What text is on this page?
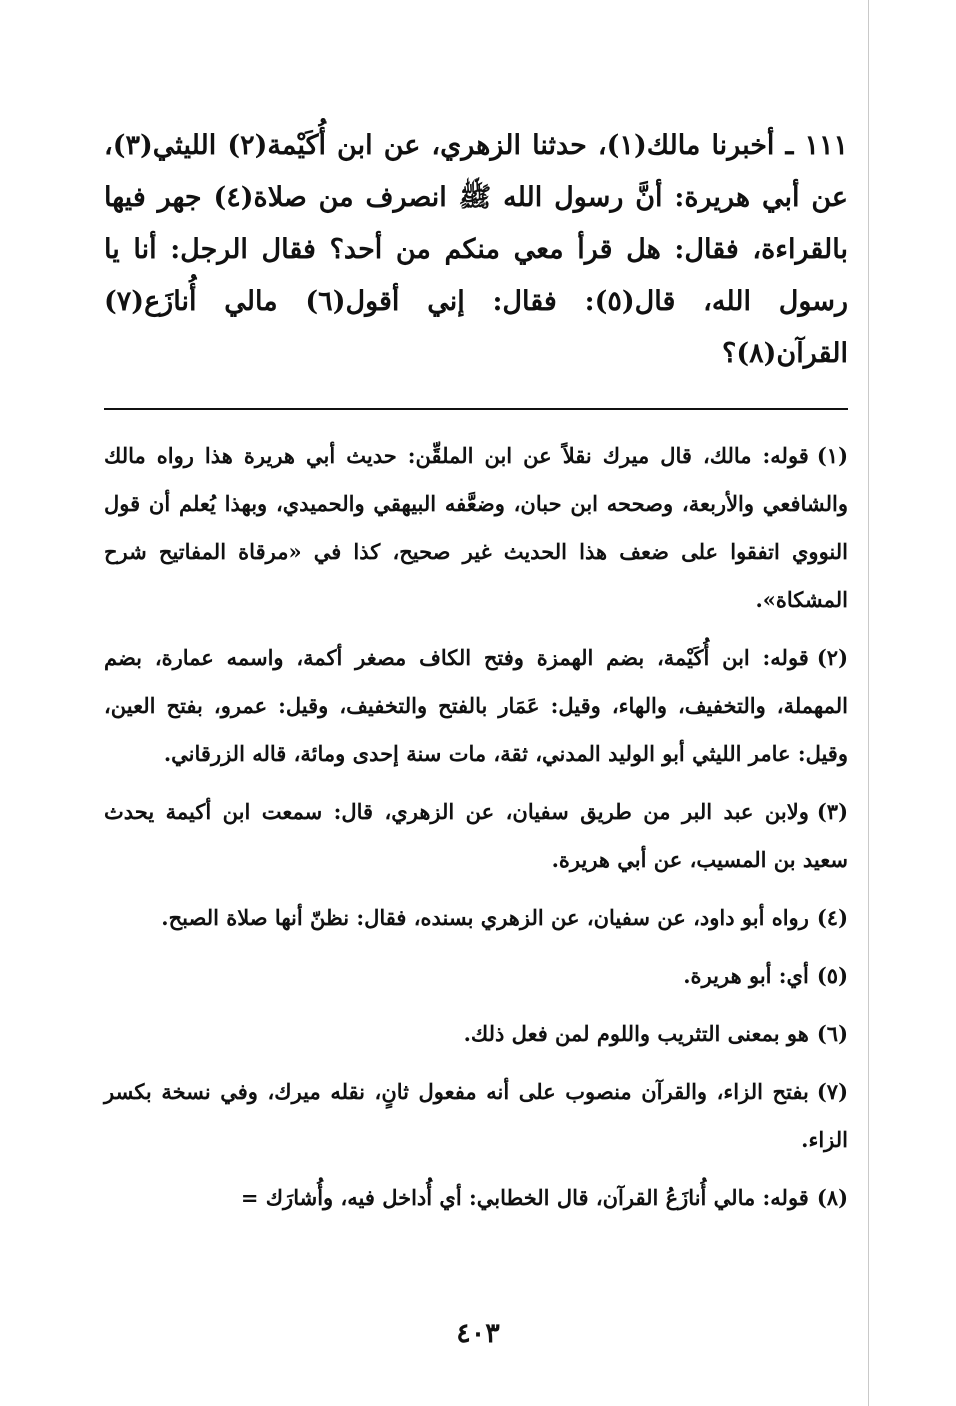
١١١ ـ أخبرنا مالك(١)، حدثنا الزهري، عن ابن أُكَيْمة(٢) الليثي(٣)، عن أبي هريرة: أنَّ رسول الله ﷺ انصرف من صلاة(٤) جهر فيها بالقراءة، فقال: هل قرأ معي منكم من أحد؟ فقال الرجل: أنا يا رسول الله، قال(٥): فقال: إني أقول(٦) مالي أُنازَع(٧) القرآن(٨)؟

(١)قوله: مالك، قال ميرك نقلاً عن ابن الملقِّن: حديث أبي هريرة هذا رواه مالك والشافعي والأربعة، وصححه ابن حبان، وضعَّفه البيهقي والحميدي، وبهذا يُعلم أن قول النووي اتفقوا على ضعف هذا الحديث غير صحيح، كذا في «مرقاة المفاتيح شرح المشكاة».

(٢)قوله: ابن أُكَيْمة، بضم الهمزة وفتح الكاف مصغر أكمة، واسمه عمارة، بضم المهملة، والتخفيف، والهاء، وقيل: عَمَار بالفتح والتخفيف، وقيل: عمرو، بفتح العين، وقيل: عامر الليثي أبو الوليد المدني، ثقة، مات سنة إحدى ومائة، قاله الزرقاني.

(٣)ولابن عبد البر من طريق سفيان، عن الزهري، قال: سمعت ابن أكيمة يحدث سعيد بن المسيب، عن أبي هريرة.

(٤)رواه أبو داود، عن سفيان، عن الزهري بسنده، فقال: نظنّ أنها صلاة الصبح.

(٥)أي: أبو هريرة.

(٦)هو بمعنى التثريب واللوم لمن فعل ذلك.

(٧)بفتح الزاء، والقرآن منصوب على أنه مفعول ثانٍ، نقله ميرك، وفي نسخة بكسر الزاء.

(٨)قوله: مالي أُنازَعُ القرآن، قال الخطابي: أي أُداخل فيه، وأُشارَك =

٤٠٣
